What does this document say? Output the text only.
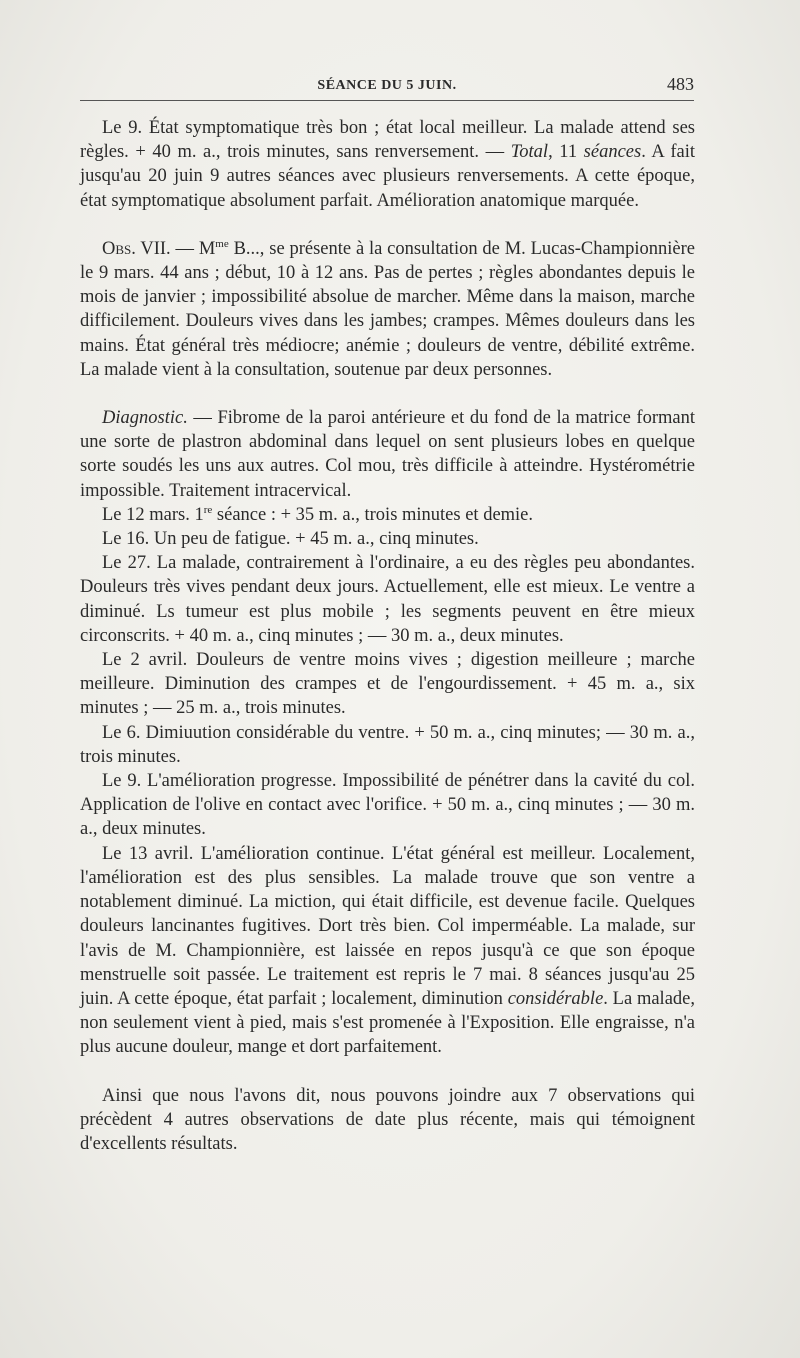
SÉANCE DU 5 JUIN.	483

Le 9. État symptomatique très bon ; état local meilleur. La malade attend ses règles. + 40 m. a., trois minutes, sans renversement. — Total, 11 séances. A fait jusqu'au 20 juin 9 autres séances avec plusieurs renversements. A cette époque, état symptomatique absolument parfait. Amélioration anatomique marquée.

Obs. VII. — $M^{me}$ B..., se présente à la consultation de M. Lucas-Championnière le 9 mars. 44 ans ; début, 10 à 12 ans. Pas de pertes ; règles abondantes depuis le mois de janvier ; impossibilité absolue de marcher. Même dans la maison, marche difficilement. Douleurs vives dans les jambes; crampes. Mêmes douleurs dans les mains. État général très médiocre; anémie ; douleurs de ventre, débilité extrême. La malade vient à la consultation, soutenue par deux personnes.

Diagnostic. — Fibrome de la paroi antérieure et du fond de la matrice formant une sorte de plastron abdominal dans lequel on sent plusieurs lobes en quelque sorte soudés les uns aux autres. Col mou, très difficile à atteindre. Hystérométrie impossible. Traitement intracervical.

Le 12 mars. 1re séance : + 35 m. a., trois minutes et demie.

Le 16. Un peu de fatigue. + 45 m. a., cinq minutes.

Le 27. La malade, contrairement à l'ordinaire, a eu des règles peu abondantes. Douleurs très vives pendant deux jours. Actuellement, elle est mieux. Le ventre a diminué. Ls tumeur est plus mobile ; les segments peuvent en être mieux circonscrits. + 40 m. a., cinq minutes ; — 30 m. a., deux minutes.

Le 2 avril. Douleurs de ventre moins vives ; digestion meilleure ; marche meilleure. Diminution des crampes et de l'engourdissement. + 45 m. a., six minutes ; — 25 m. a., trois minutes.

Le 6. Dimiuution considérable du ventre. + 50 m. a., cinq minutes; — 30 m. a., trois minutes.

Le 9. L'amélioration progresse. Impossibilité de pénétrer dans la cavité du col. Application de l'olive en contact avec l'orifice. + 50 m. a., cinq minutes ; — 30 m. a., deux minutes.

Le 13 avril. L'amélioration continue. L'état général est meilleur. Localement, l'amélioration est des plus sensibles. La malade trouve que son ventre a notablement diminué. La miction, qui était difficile, est devenue facile. Quelques douleurs lancinantes fugitives. Dort très bien. Col imperméable. La malade, sur l'avis de M. Championnière, est laissée en repos jusqu'à ce que son époque menstruelle soit passée. Le traitement est repris le 7 mai. 8 séances jusqu'au 25 juin. A cette époque, état parfait ; localement, diminution considérable. La malade, non seulement vient à pied, mais s'est promenée à l'Exposition. Elle engraisse, n'a plus aucune douleur, mange et dort parfaitement.

Ainsi que nous l'avons dit, nous pouvons joindre aux 7 observations qui précèdent 4 autres observations de date plus récente, mais qui témoignent d'excellents résultats.
